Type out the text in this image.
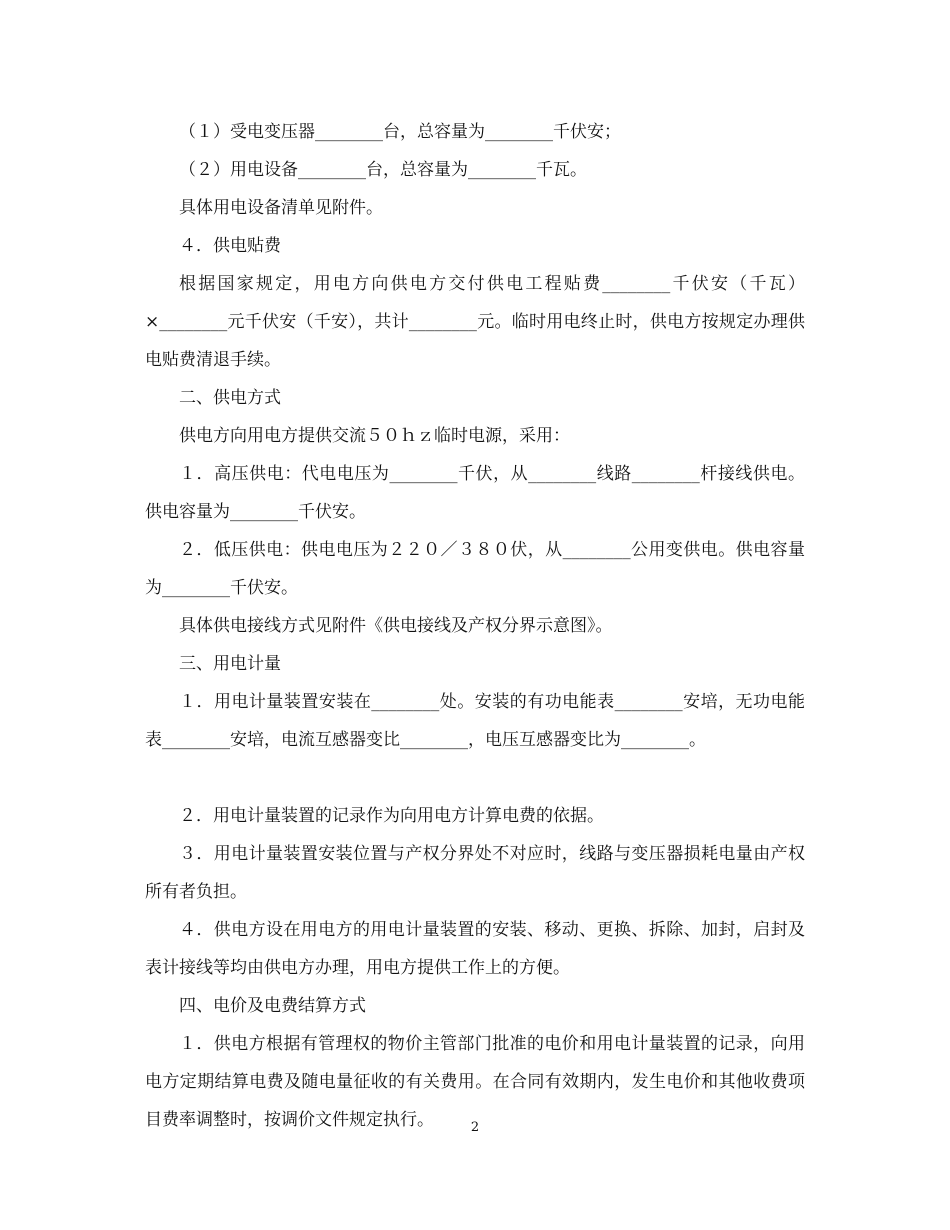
（１）受电变压器________台，总容量为________千伏安；

（２）用电设备________台，总容量为________千瓦。

具体用电设备清单见附件。

４．供电贴费

根据国家规定，用电方向供电方交付供电工程贴费________千伏安（千瓦）×________元千伏安（千安），共计________元。临时用电终止时，供电方按规定办理供电贴费清退手续。

二、供电方式

供电方向用电方提供交流５０ｈｚ临时电源，采用：

１．高压供电：代电电压为________千伏，从________线路________杆接线供电。供电容量为________千伏安。

２．低压供电：供电电压为２２０／３８０伏，从________公用变供电。供电容量为________千伏安。

具体供电接线方式见附件《供电接线及产权分界示意图》。

三、用电计量

１．用电计量装置安装在________处。安装的有功电能表________安培，无功电能表________安培，电流互感器变比________，电压互感器变比为________。

２．用电计量装置的记录作为向用电方计算电费的依据。

３．用电计量装置安装位置与产权分界处不对应时，线路与变压器损耗电量由产权所有者负担。

４．供电方设在用电方的用电计量装置的安装、移动、更换、拆除、加封，启封及表计接线等均由供电方办理，用电方提供工作上的方便。

四、电价及电费结算方式

１．供电方根据有管理权的物价主管部门批准的电价和用电计量装置的记录，向用电方定期结算电费及随电量征收的有关费用。在合同有效期内，发生电价和其他收费项目费率调整时，按调价文件规定执行。	2
